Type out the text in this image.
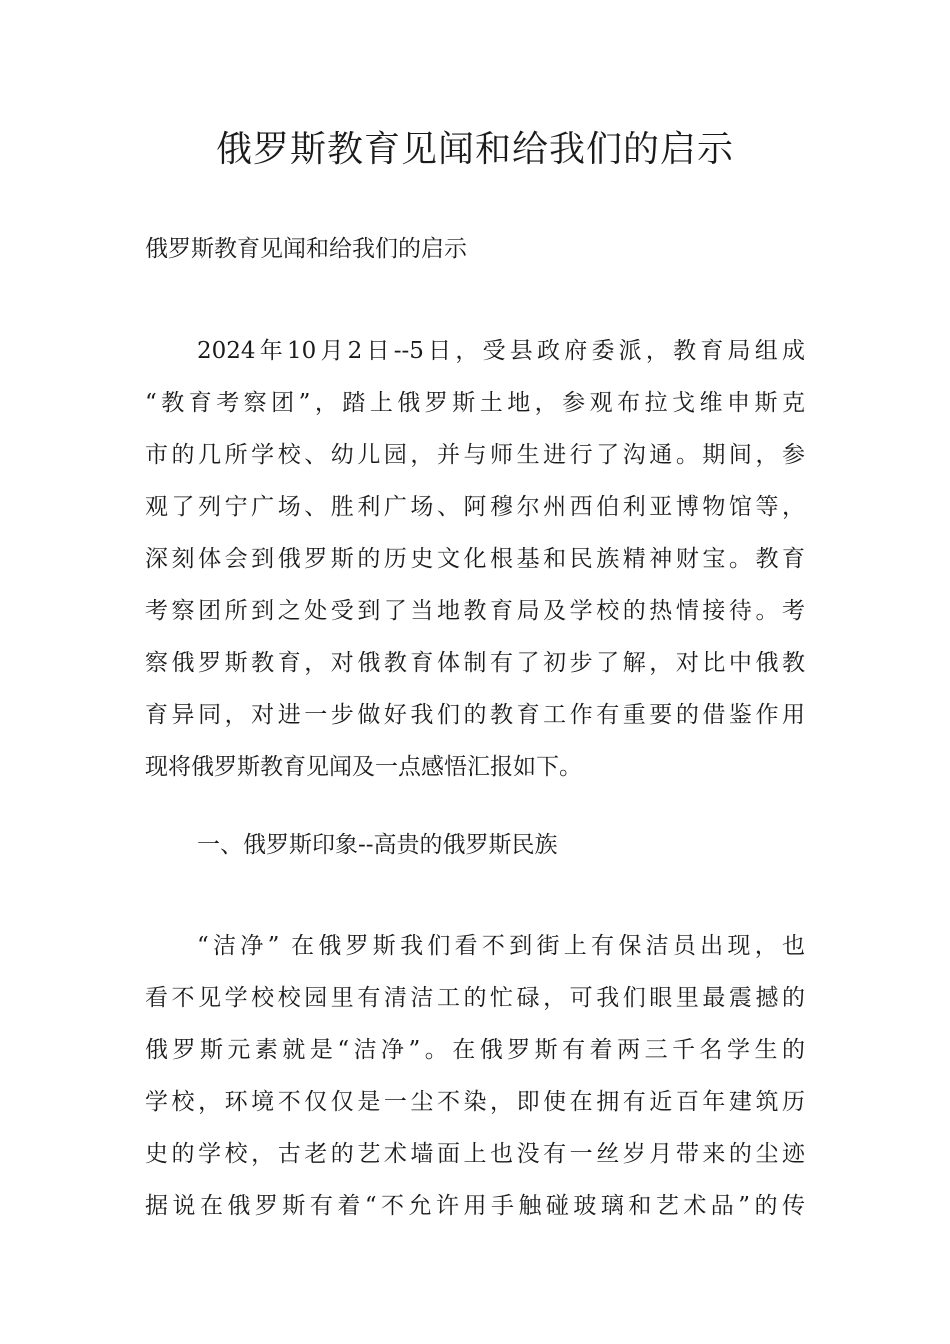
俄罗斯教育见闻和给我们的启示

俄罗斯教育见闻和给我们的启示

2024年10月2日--5日，受县政府委派，教育局组成
“教育考察团”，踏上俄罗斯土地，参观布拉戈维申斯克
市的几所学校、幼儿园，并与师生进行了沟通。期间，参
观了列宁广场、胜利广场、阿穆尔州西伯利亚博物馆等，
深刻体会到俄罗斯的历史文化根基和民族精神财宝。教育
考察团所到之处受到了当地教育局及学校的热情接待。考
察俄罗斯教育，对俄教育体制有了初步了解，对比中俄教
育异同，对进一步做好我们的教育工作有重要的借鉴作用
现将俄罗斯教育见闻及一点感悟汇报如下。
一、俄罗斯印象--高贵的俄罗斯民族
“洁净” 在俄罗斯我们看不到街上有保洁员出现，也
看不见学校校园里有清洁工的忙碌，可我们眼里最震撼的
俄罗斯元素就是“洁净”。在俄罗斯有着两三千名学生的
学校，环境不仅仅是一尘不染，即使在拥有近百年建筑历
史的学校，古老的艺术墙面上也没有一丝岁月带来的尘迹
据说在俄罗斯有着“不允许用手触碰玻璃和艺术品”的传
